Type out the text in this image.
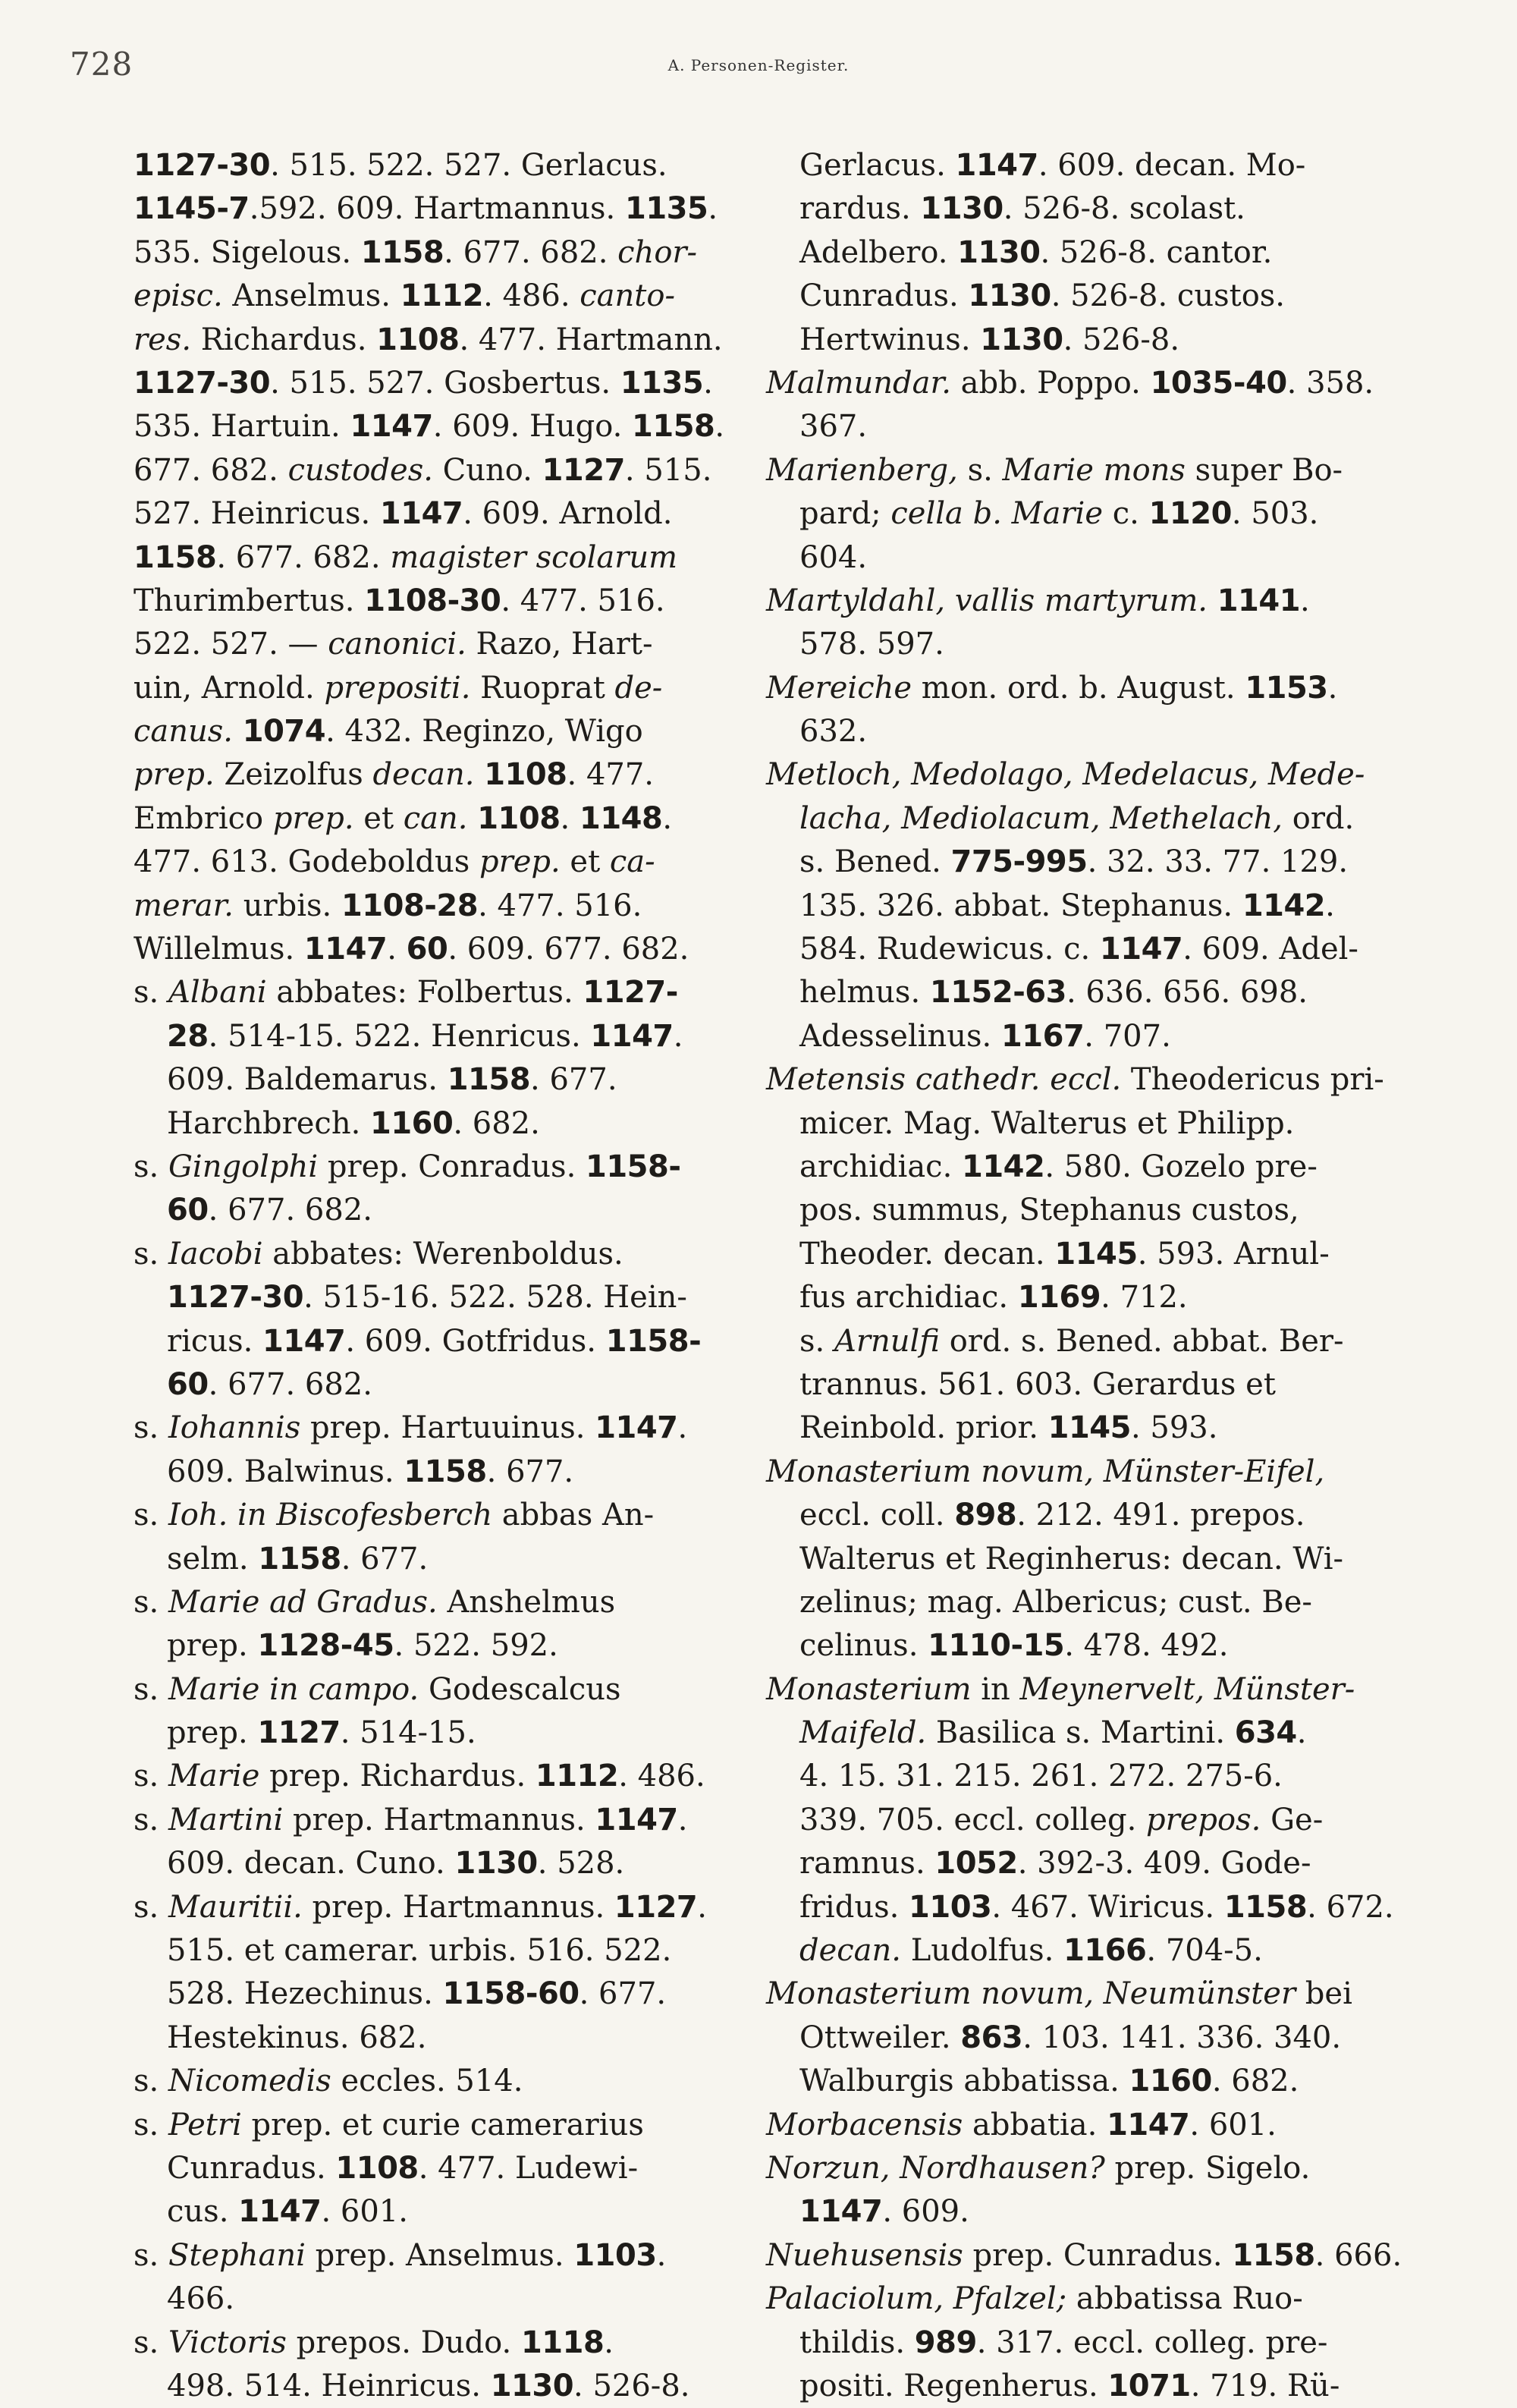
728	A. Personen-Register.
1127-30. 515. 522. 527. Gerlacus.
1145-7.592. 609. Hartmannus. 1135.
535. Sigelous. 1158. 677. 682. chor-
episc. Anselmus. 1112. 486. canto-
res. Richardus. 1108. 477. Hartmann.
1127-30. 515. 527. Gosbertus. 1135.
535. Hartuin. 1147. 609. Hugo. 1158.
677. 682. custodes. Cuno. 1127. 515.
527. Heinricus. 1147. 609. Arnold.
1158. 677. 682. magister scolarum
Thurimbertus. 1108-30. 477. 516.
522. 527. — canonici. Razo, Hart-
uin, Arnold. prepositi. Ruoprat de-
canus. 1074. 432. Reginzo, Wigo
prep. Zeizolfus decan. 1108. 477.
Embrico prep. et can. 1108. 1148.
477. 613. Godeboldus prep. et ca-
merar. urbis. 1108-28. 477. 516.
Willelmus. 1147. 60. 609. 677. 682.
s. Albani abbates: Folbertus. 1127-
28. 514-15. 522. Henricus. 1147.
609. Baldemarus. 1158. 677.
Harchbrech. 1160. 682.
s. Gingolphi prep. Conradus. 1158-
60. 677. 682.
s. Iacobi abbates: Werenboldus.
1127-30. 515-16. 522. 528. Hein-
ricus. 1147. 609. Gotfridus. 1158-
60. 677. 682.
s. Iohannis prep. Hartuuinus. 1147.
609. Balwinus. 1158. 677.
s. Ioh. in Biscofesberch abbas An-
selm. 1158. 677.
s. Marie ad Gradus. Anshelmus
prep. 1128-45. 522. 592.
s. Marie in campo. Godescalcus
prep. 1127. 514-15.
s. Marie prep. Richardus. 1112. 486.
s. Martini prep. Hartmannus. 1147.
609. decan. Cuno. 1130. 528.
s. Mauritii. prep. Hartmannus. 1127.
515. et camerar. urbis. 516. 522.
528. Hezechinus. 1158-60. 677.
Hestekinus. 682.
s. Nicomedis eccles. 514.
s. Petri prep. et curie camerarius
Cunradus. 1108. 477. Ludewi-
cus. 1147. 601.
s. Stephani prep. Anselmus. 1103.
466.
s. Victoris prepos. Dudo. 1118.
498. 514. Heinricus. 1130. 526-8.
Gerlacus. 1147. 609. decan. Mo-
rardus. 1130. 526-8. scolast.
Adelbero. 1130. 526-8. cantor.
Cunradus. 1130. 526-8. custos.
Hertwinus. 1130. 526-8.
Malmundar. abb. Poppo. 1035-40. 358.
367.
Marienberg, s. Marie mons super Bo-
pard; cella b. Marie c. 1120. 503.
604.
Martyldahl, vallis martyrum. 1141.
578. 597.
Mereiche mon. ord. b. August. 1153.
632.
Metloch, Medolago, Medelacus, Mede-
lacha, Mediolacum, Methelach, ord.
s. Bened. 775-995. 32. 33. 77. 129.
135. 326. abbat. Stephanus. 1142.
584. Rudewicus. c. 1147. 609. Adel-
helmus. 1152-63. 636. 656. 698.
Adesselinus. 1167. 707.
Metensis cathedr. eccl. Theodericus pri-
micer. Mag. Walterus et Philipp.
archidiac. 1142. 580. Gozelo pre-
pos. summus, Stephanus custos,
Theoder. decan. 1145. 593. Arnul-
fus archidiac. 1169. 712.
s. Arnulfi ord. s. Bened. abbat. Ber-
trannus. 561. 603. Gerardus et
Reinbold. prior. 1145. 593.
Monasterium novum, Münster-Eifel,
eccl. coll. 898. 212. 491. prepos.
Walterus et Reginherus: decan. Wi-
zelinus; mag. Albericus; cust. Be-
celinus. 1110-15. 478. 492.
Monasterium in Meynervelt, Münster-
Maifeld. Basilica s. Martini. 634.
4. 15. 31. 215. 261. 272. 275-6.
339. 705. eccl. colleg. prepos. Ge-
ramnus. 1052. 392-3. 409. Gode-
fridus. 1103. 467. Wiricus. 1158. 672.
decan. Ludolfus. 1166. 704-5.
Monasterium novum, Neumünster bei
Ottweiler. 863. 103. 141. 336. 340.
Walburgis abbatissa. 1160. 682.
Morbacensis abbatia. 1147. 601.
Norzun, Nordhausen? prep. Sigelo.
1147. 609.
Nuehusensis prep. Cunradus. 1158. 666.
Palaciolum, Pfalzel; abbatissa Ruo-
thildis. 989. 317. eccl. colleg. pre-
positi. Regenherus. 1071. 719. Rü-
